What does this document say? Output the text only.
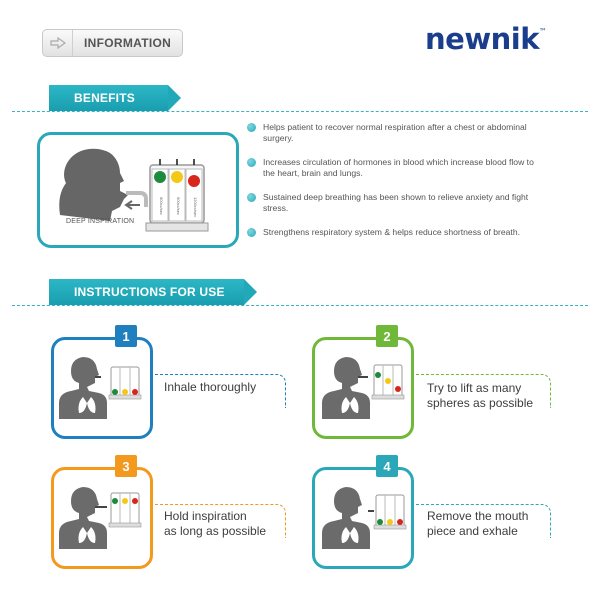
INFORMATION	newnik™
BENEFITS
600cc/sec	900cc/sec	1200cc/sec
DEEP INSPIRATION
Helps patient to recover normal respiration after a chest or abdominal surgery.
Increases circulation of hormones in blood which increase blood flow to the heart, brain and lungs.
Sustained deep breathing has been shown to relieve anxiety and fight stress.
Strengthens respiratory system & helps reduce shortness of breath.
INSTRUCTIONS FOR USE
1
Inhale thoroughly
2
Try to lift as many
spheres as possible
3
Hold inspiration
as long as possible
4
Remove the mouth
piece and exhale
